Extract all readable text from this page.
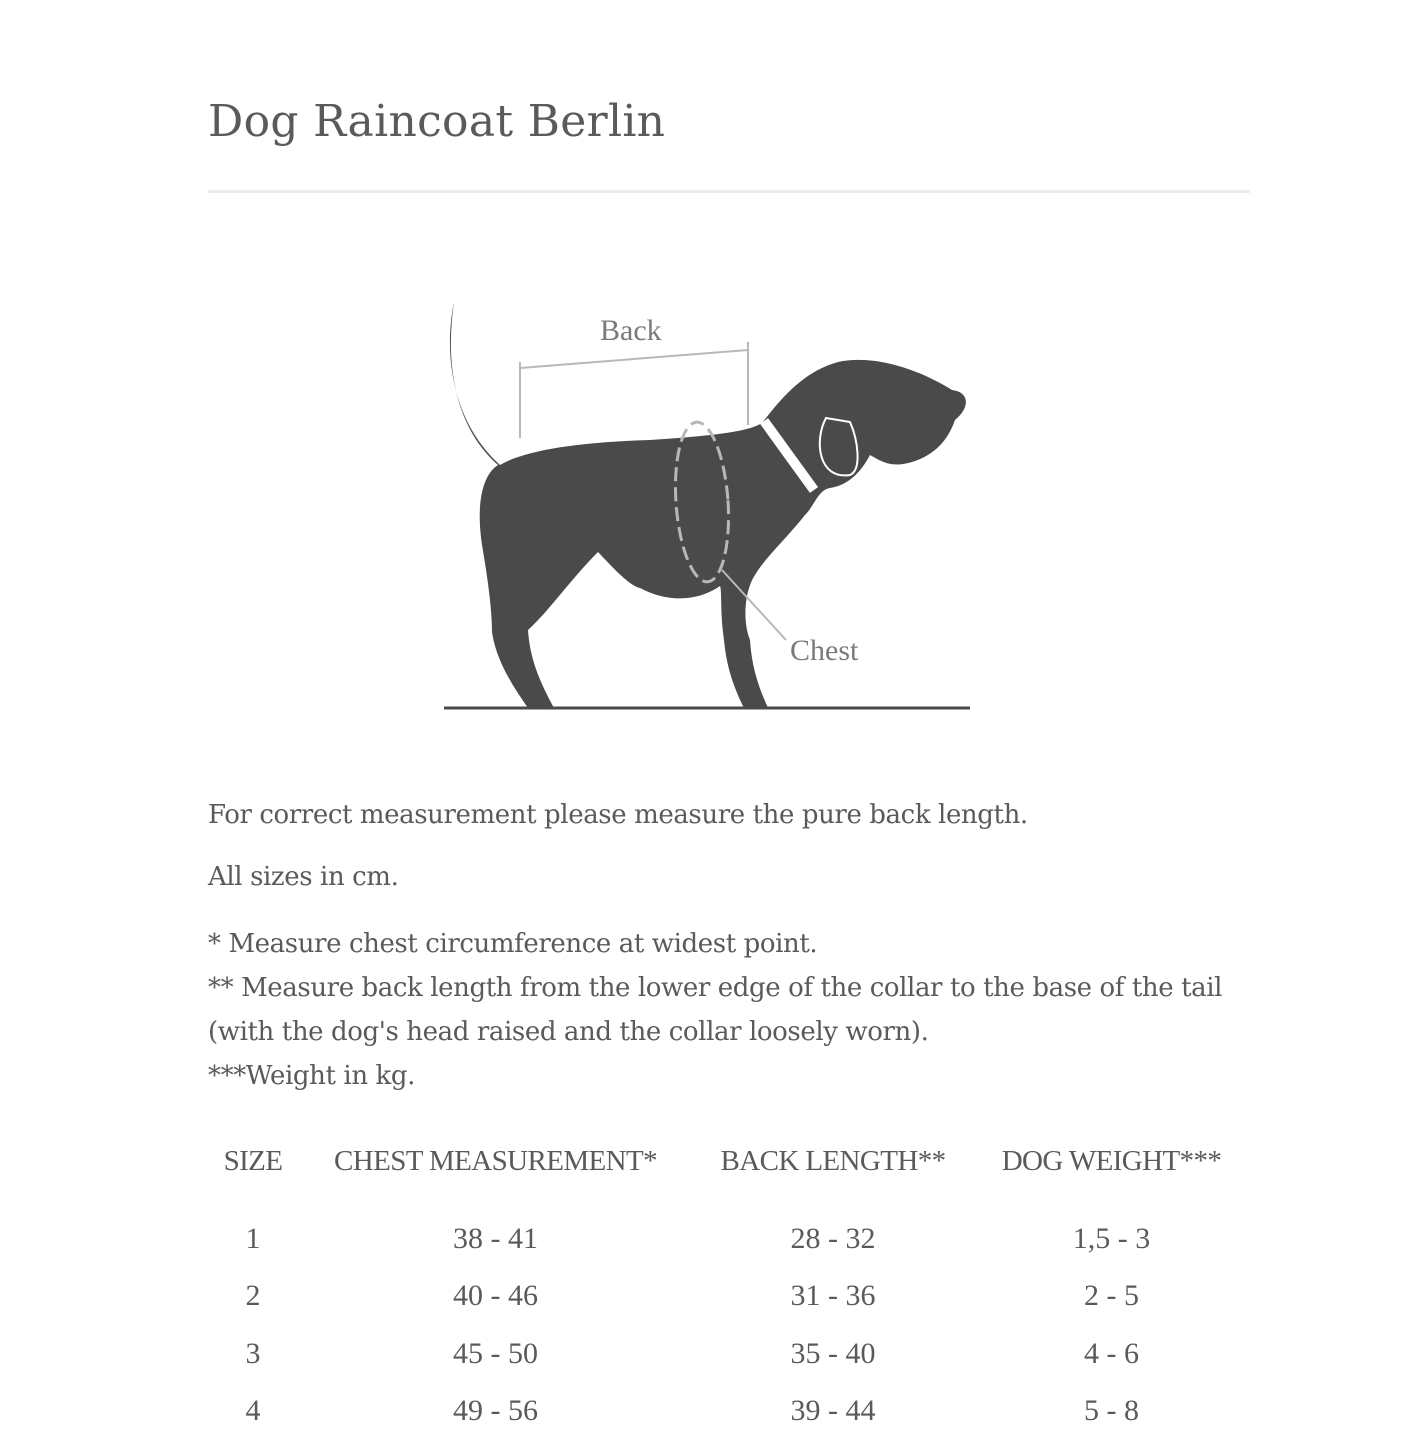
Dog Raincoat Berlin
Back
Chest

For correct measurement please measure the pure back length.

All sizes in cm.

* Measure chest circumference at widest point.
** Measure back length from the lower edge of the collar to the base of the tail
(with the dog's head raised and the collar loosely worn).
***Weight in kg.
SIZE	CHEST MEASUREMENT*	BACK LENGTH**	DOG WEIGHT***

1	38 - 41	28 - 32	1,5 - 3
2	40 - 46	31 - 36	2 - 5
3	45 - 50	35 - 40	4 - 6
4	49 - 56	39 - 44	5 - 8
